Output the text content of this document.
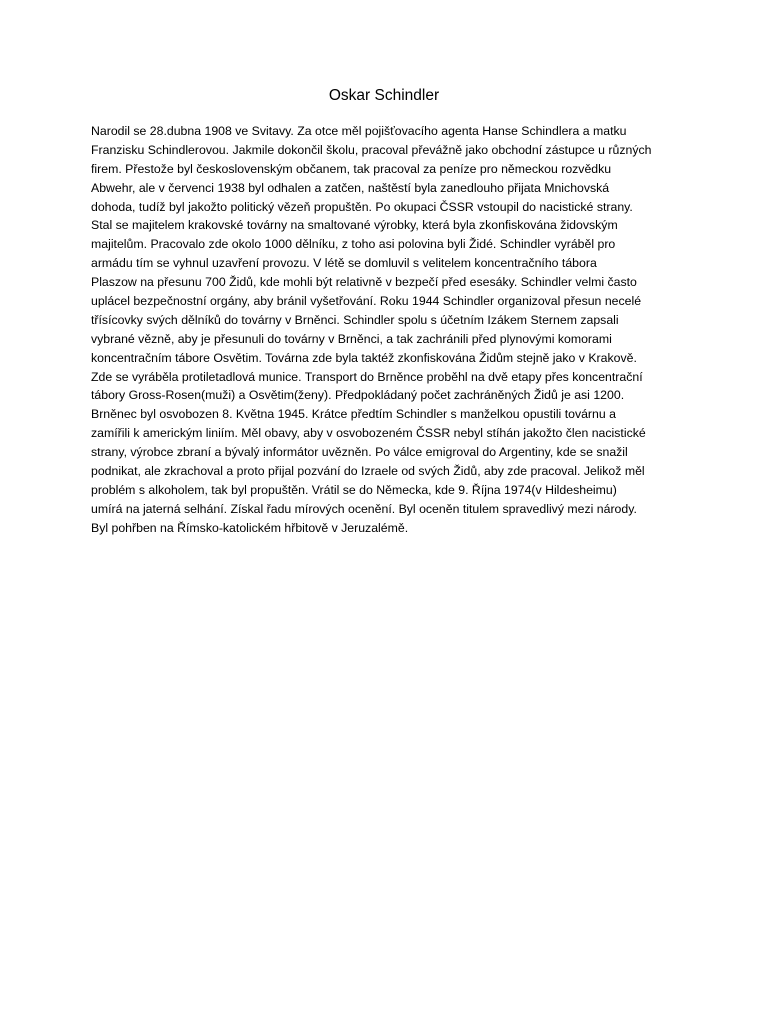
Oskar Schindler
Narodil se 28.dubna 1908 ve Svitavy. Za otce měl pojišťovacího agenta Hanse Schindlera a matku
Franzisku Schindlerovou. Jakmile dokončil školu, pracoval převážně jako obchodní zástupce u různých
firem. Přestože byl československým občanem, tak pracoval za peníze pro německou rozvědku
Abwehr, ale v červenci 1938 byl odhalen a zatčen, naštěstí byla zanedlouho přijata Mnichovská
dohoda, tudíž byl jakožto politický vězeň propuštěn. Po okupaci ČSSR vstoupil do nacistické strany.
Stal se majitelem krakovské továrny na smaltované výrobky, která byla zkonfiskována židovským
majitelům. Pracovalo zde okolo 1000 dělníku, z toho asi polovina byli Židé. Schindler vyráběl pro
armádu tím se vyhnul uzavření provozu. V létě se domluvil s velitelem koncentračního tábora
Plaszow na přesunu 700 Židů, kde mohli být relativně v bezpečí před esesáky. Schindler velmi často
uplácel bezpečnostní orgány, aby bránil vyšetřování. Roku 1944 Schindler organizoval přesun necelé
třísícovky svých dělníků do továrny v Brněnci. Schindler spolu s účetním Izákem Sternem zapsali
vybrané vězně, aby je přesunuli do továrny v Brněnci, a tak zachránili před plynovými komorami
koncentračním tábore Osvětim. Továrna zde byla taktéž zkonfiskována Židům stejně jako v Krakově.
Zde se vyráběla protiletadlová munice. Transport do Brněnce proběhl na dvě etapy přes koncentrační
tábory Gross-Rosen(muži) a Osvětim(ženy). Předpokládaný počet zachráněných Židů je asi 1200.
Brněnec byl osvobozen 8. Května 1945. Krátce předtím Schindler s manželkou opustili továrnu a
zamířili k americkým liniím. Měl obavy, aby v osvobozeném ČSSR nebyl stíhán jakožto člen nacistické
strany, výrobce zbraní a bývalý informátor uvězněn. Po válce emigroval do Argentiny, kde se snažil
podnikat, ale zkrachoval a proto přijal pozvání do Izraele od svých Židů, aby zde pracoval. Jelikož měl
problém s alkoholem, tak byl propuštěn. Vrátil se do Německa, kde 9. Října 1974(v Hildesheimu)
umírá na jaterná selhání. Získal řadu mírových ocenění. Byl oceněn titulem spravedlivý mezi národy.
Byl pohřben na Římsko-katolickém hřbitově v Jeruzalémě.
